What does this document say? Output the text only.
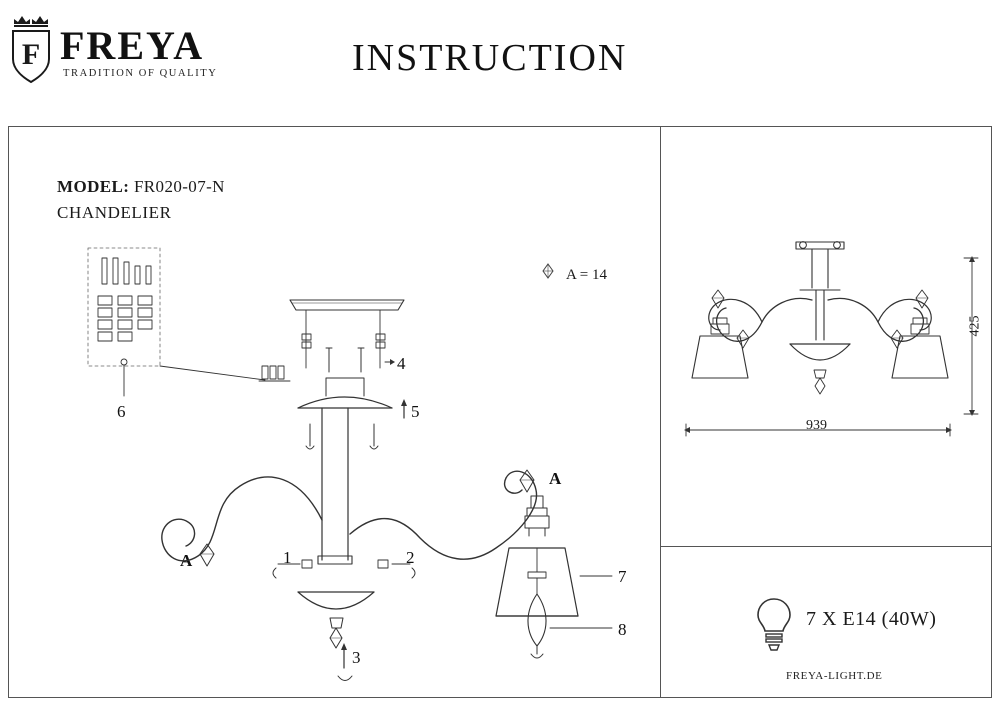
F FREYA
TRADITION OF QUALITY	INSTRUCTION
MODEL: FR020-07-N
CHANDELIER
A = 14
939
425
7 X E14 (40W)
FREYA-LIGHT.DE
1	2
3
4
5
6
7
8
A
A
